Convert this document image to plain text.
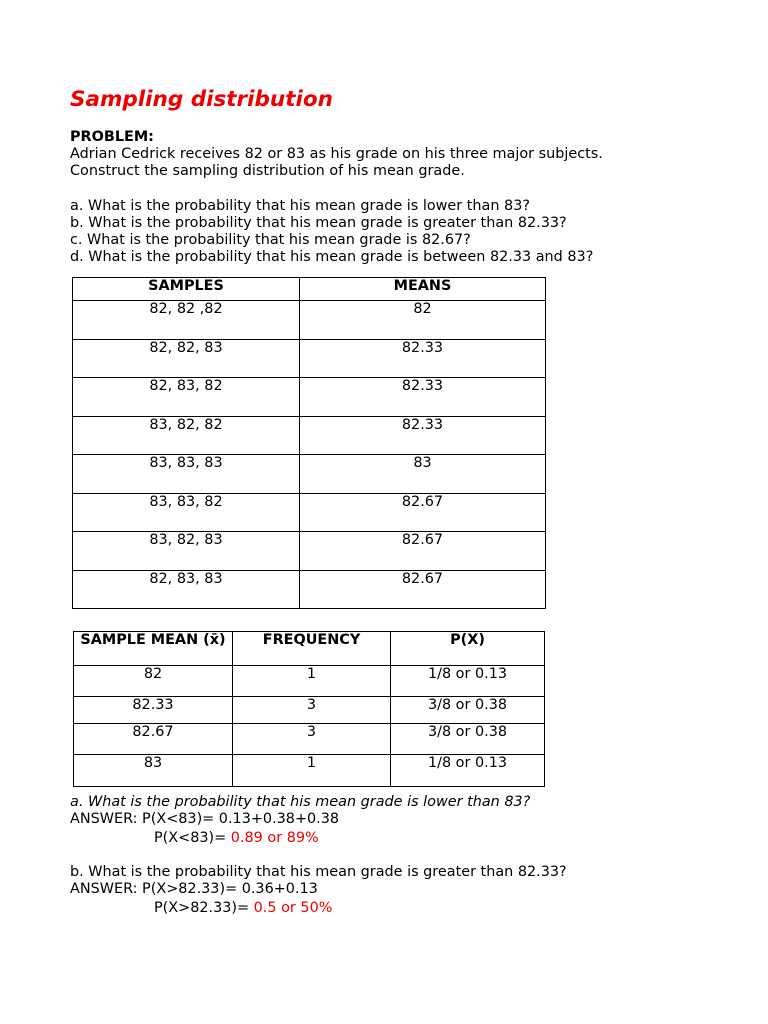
Sampling distribution
PROBLEM:
Adrian Cedrick receives 82 or 83 as his grade on his three major subjects.
Construct the sampling distribution of his mean grade.
a. What is the probability that his mean grade is lower than 83?
b. What is the probability that his mean grade is greater than 82.33?
c. What is the probability that his mean grade is 82.67?
d. What is the probability that his mean grade is between 82.33 and 83?
SAMPLES	MEANS
82, 82 ,82	82
82, 82, 83	82.33
82, 83, 82	82.33
83, 82, 82	82.33
83, 83, 83	83
83, 83, 82	82.67
83, 82, 83	82.67
82, 83, 83	82.67
SAMPLE MEAN (x̄)	FREQUENCY	P(X)
82	1	1/8 or 0.13
82.33	3	3/8 or 0.38
82.67	3	3/8 or 0.38
83	1	1/8 or 0.13
a. What is the probability that his mean grade is lower than 83?
ANSWER: P(X<83)= 0.13+0.38+0.38
P(X<83)= 0.89 or 89%
b. What is the probability that his mean grade is greater than 82.33?
ANSWER: P(X>82.33)= 0.36+0.13
P(X>82.33)= 0.5 or 50%
